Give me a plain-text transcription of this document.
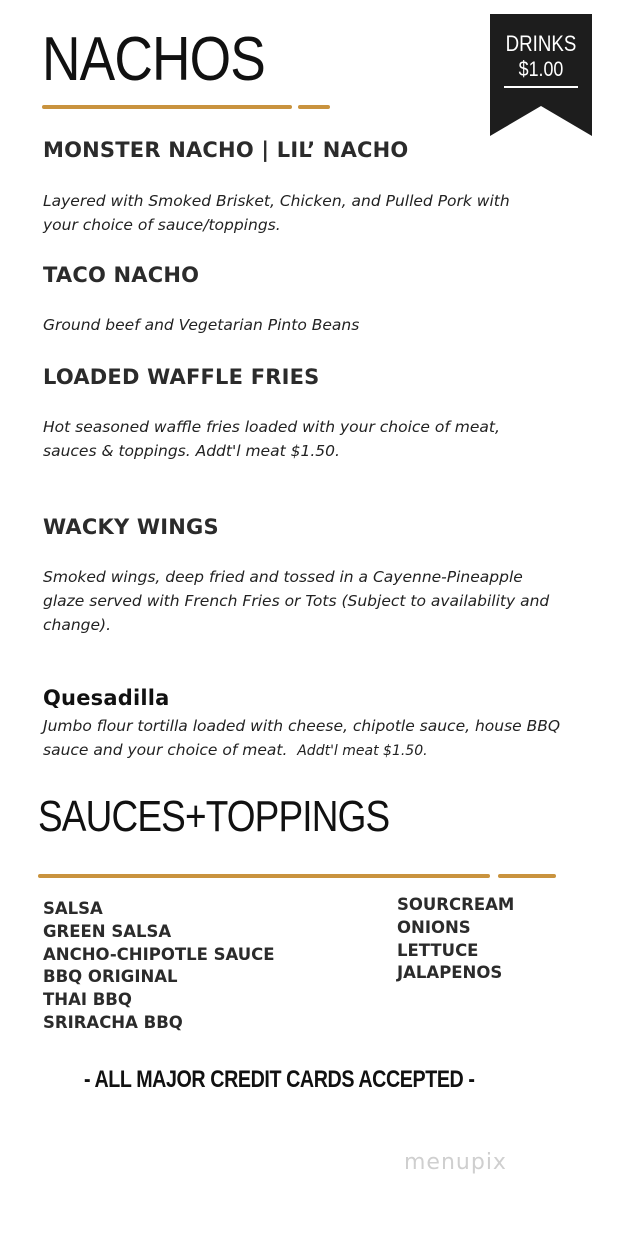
NACHOS	DRINKS
$1.00
MONSTER NACHO | LIL’ NACHO
Layered with Smoked Brisket, Chicken, and Pulled Pork with
your choice of sauce/toppings.
TACO NACHO
Ground beef and Vegetarian Pinto Beans
LOADED WAFFLE FRIES
Hot seasoned waffle fries loaded with your choice of meat,
sauces & toppings. Addt'l meat $1.50.
WACKY WINGS
Smoked wings, deep fried and tossed in a Cayenne-Pineapple
glaze served with French Fries or Tots (Subject to availability and
change).
Quesadilla
Jumbo flour tortilla loaded with cheese, chipotle sauce, house BBQ
sauce and your choice of meat. Addt'l meat $1.50.
SAUCES+TOPPINGS
SALSA
GREEN SALSA
ANCHO-CHIPOTLE SAUCE
BBQ ORIGINAL
THAI BBQ
SRIRACHA BBQ
SOURCREAM
ONIONS
LETTUCE
JALAPENOS
- ALL MAJOR CREDIT CARDS ACCEPTED -
menupix
